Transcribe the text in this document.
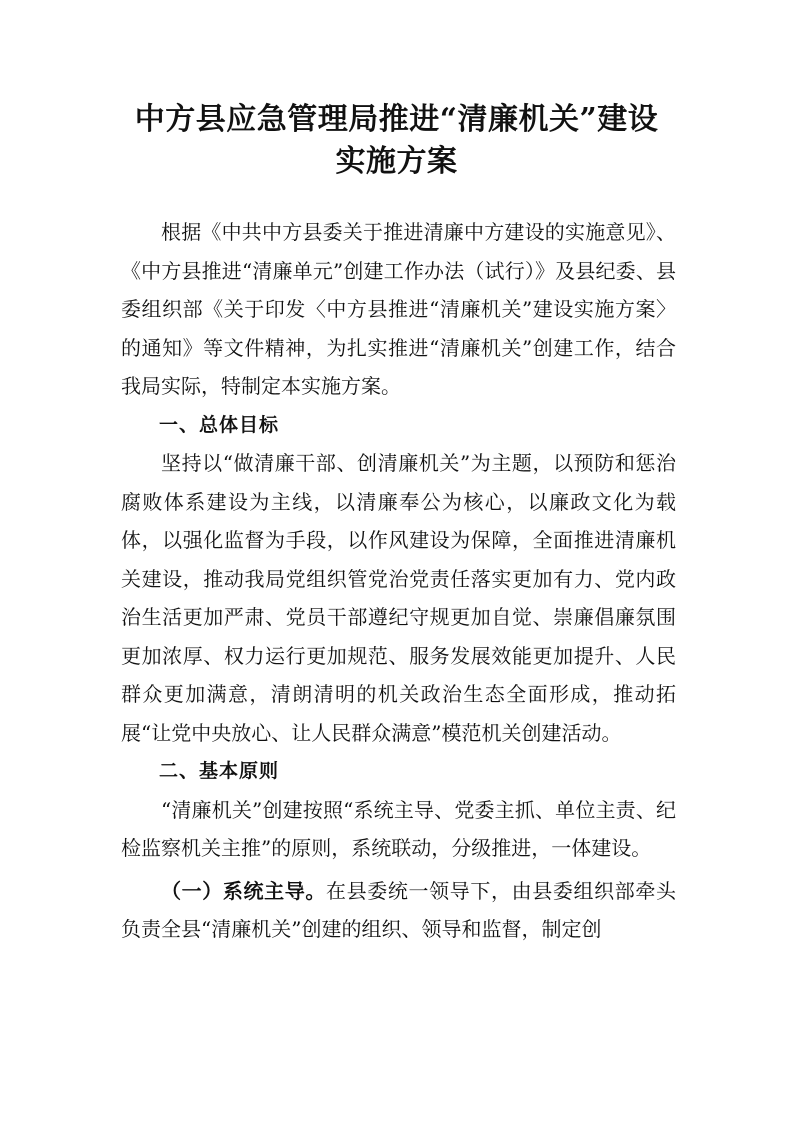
中方县应急管理局推进“清廉机关”建设
实施方案

根据《中共中方县委关于推进清廉中方建设的实施意见》、《中方县推进“清廉单元”创建工作办法（试行）》及县纪委、县委组织部《关于印发〈中方县推进“清廉机关”建设实施方案〉的通知》等文件精神，为扎实推进“清廉机关”创建工作，结合我局实际，特制定本实施方案。

一、总体目标

坚持以“做清廉干部、创清廉机关”为主题，以预防和惩治腐败体系建设为主线，以清廉奉公为核心，以廉政文化为载体，以强化监督为手段，以作风建设为保障，全面推进清廉机关建设，推动我局党组织管党治党责任落实更加有力、党内政治生活更加严肃、党员干部遵纪守规更加自觉、崇廉倡廉氛围更加浓厚、权力运行更加规范、服务发展效能更加提升、人民群众更加满意，清朗清明的机关政治生态全面形成，推动拓展“让党中央放心、让人民群众满意”模范机关创建活动。

二、基本原则

“清廉机关”创建按照“系统主导、党委主抓、单位主责、纪检监察机关主推”的原则，系统联动，分级推进，一体建设。

（一）系统主导。在县委统一领导下，由县委组织部牵头负责全县“清廉机关”创建的组织、领导和监督，制定创
